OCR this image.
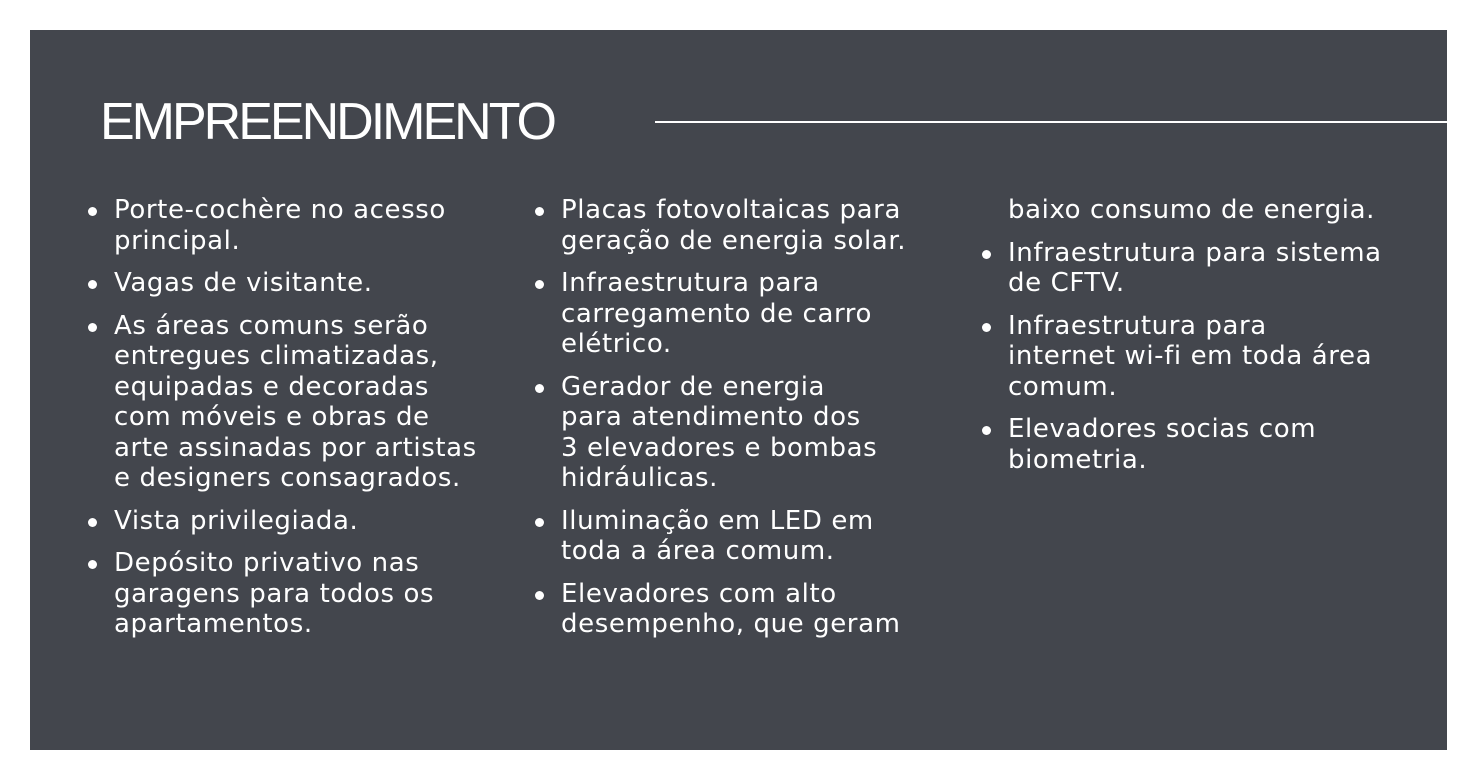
EMPREENDIMENTO
Porte-cochère no acesso
principal.
Vagas de visitante.
As áreas comuns serão
entregues climatizadas,
equipadas e decoradas
com móveis e obras de
arte assinadas por artistas
e designers consagrados.
Vista privilegiada.
Depósito privativo nas
garagens para todos os
apartamentos.
Placas fotovoltaicas para
geração de energia solar.
Infraestrutura para
carregamento de carro
elétrico.
Gerador de energia
para atendimento dos
3 elevadores e bombas
hidráulicas.
Iluminação em LED em
toda a área comum.
Elevadores com alto
desempenho, que geram
baixo consumo de energia.
Infraestrutura para sistema
de CFTV.
Infraestrutura para
internet wi-fi em toda área
comum.
Elevadores socias com
biometria.
